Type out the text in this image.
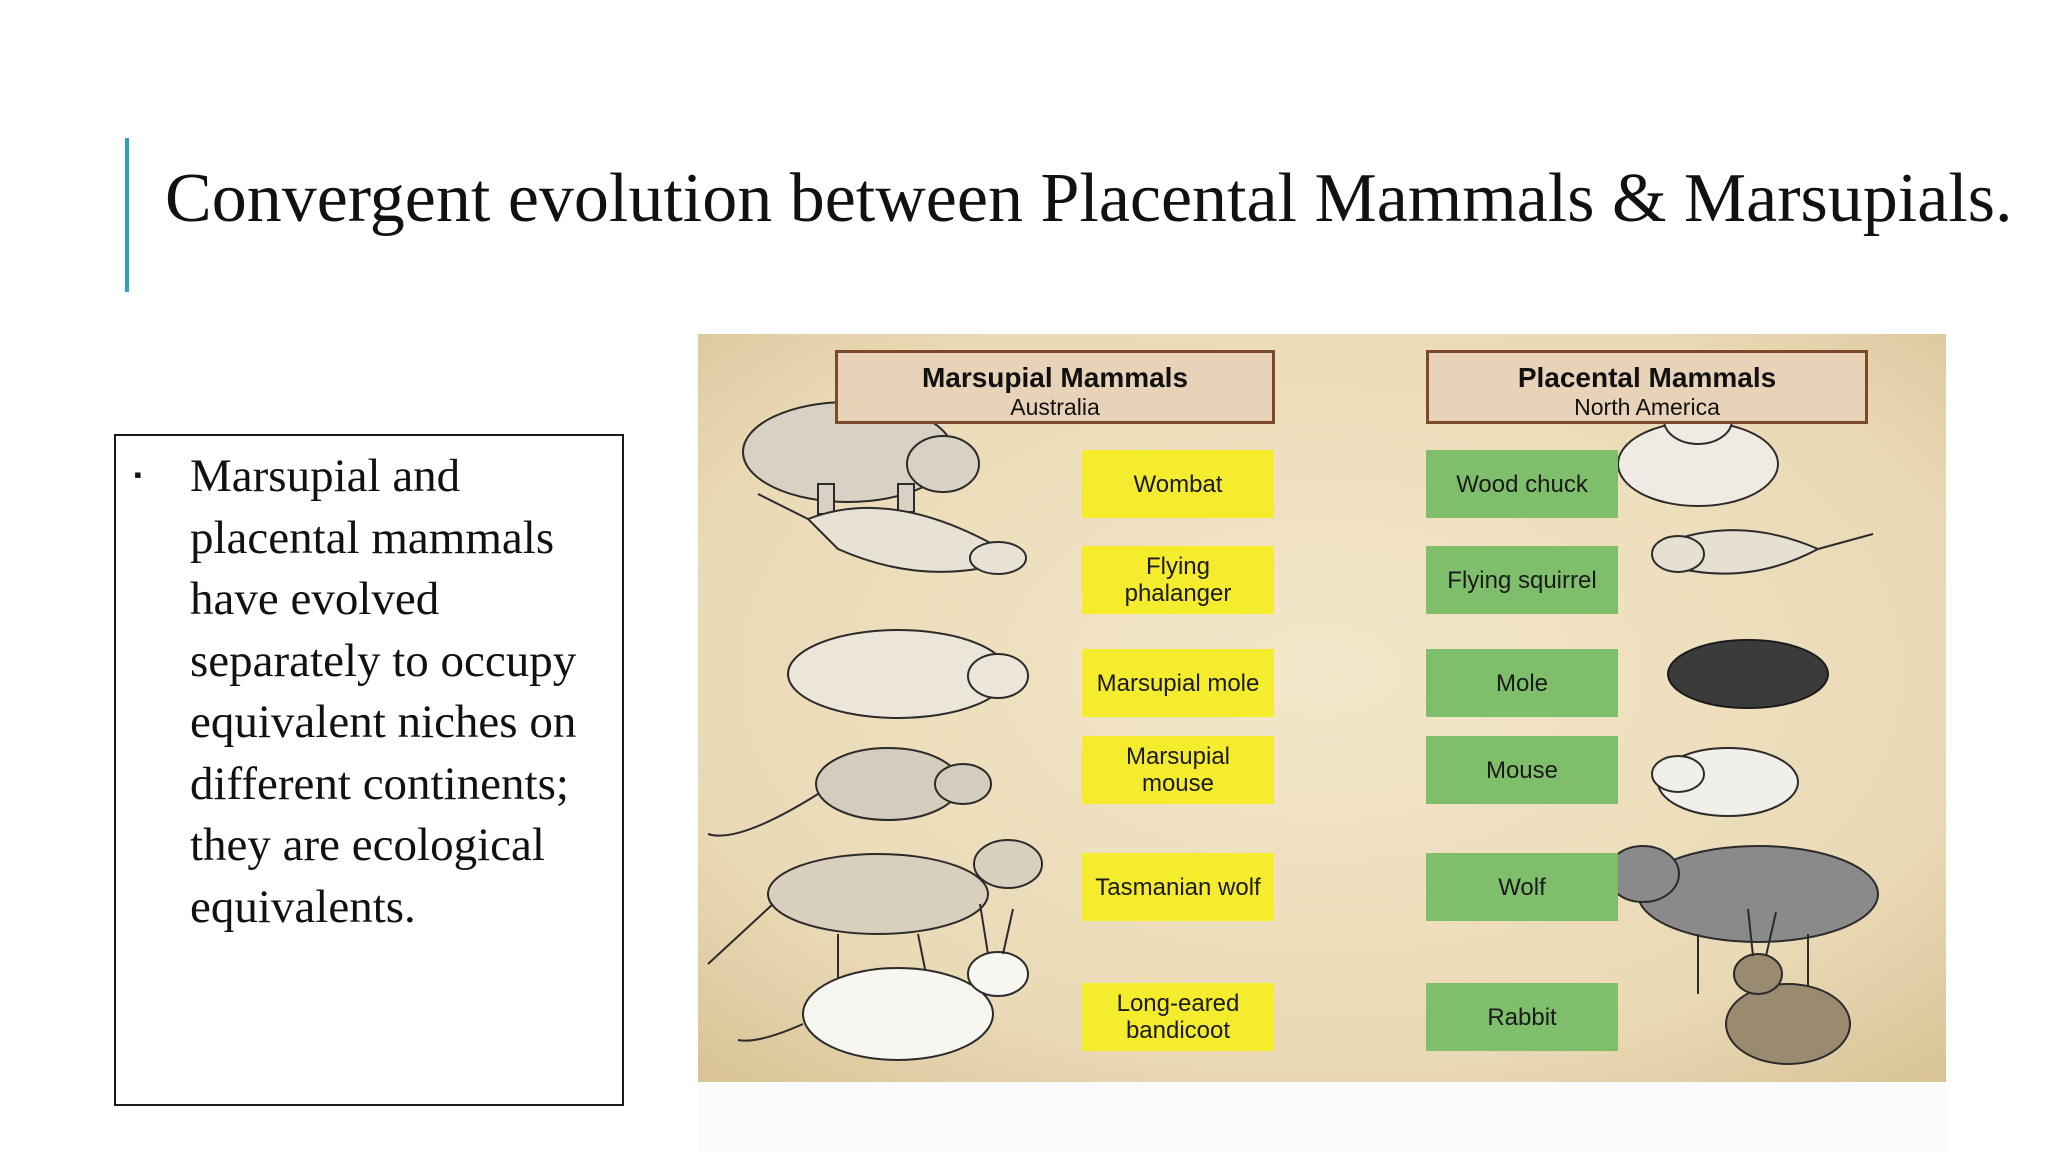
Convergent evolution between Placental Mammals & Marsupials.
▪ Marsupial and placental mammals have evolved separately to occupy equivalent niches on different continents; they are ecological equivalents.
Marsupial Mammals
Australia
Placental Mammals
North America
Wombat
Flying phalanger
Marsupial mole
Marsupial mouse
Tasmanian wolf
Long-eared bandicoot
Wood chuck
Flying squirrel
Mole
Mouse
Wolf
Rabbit
